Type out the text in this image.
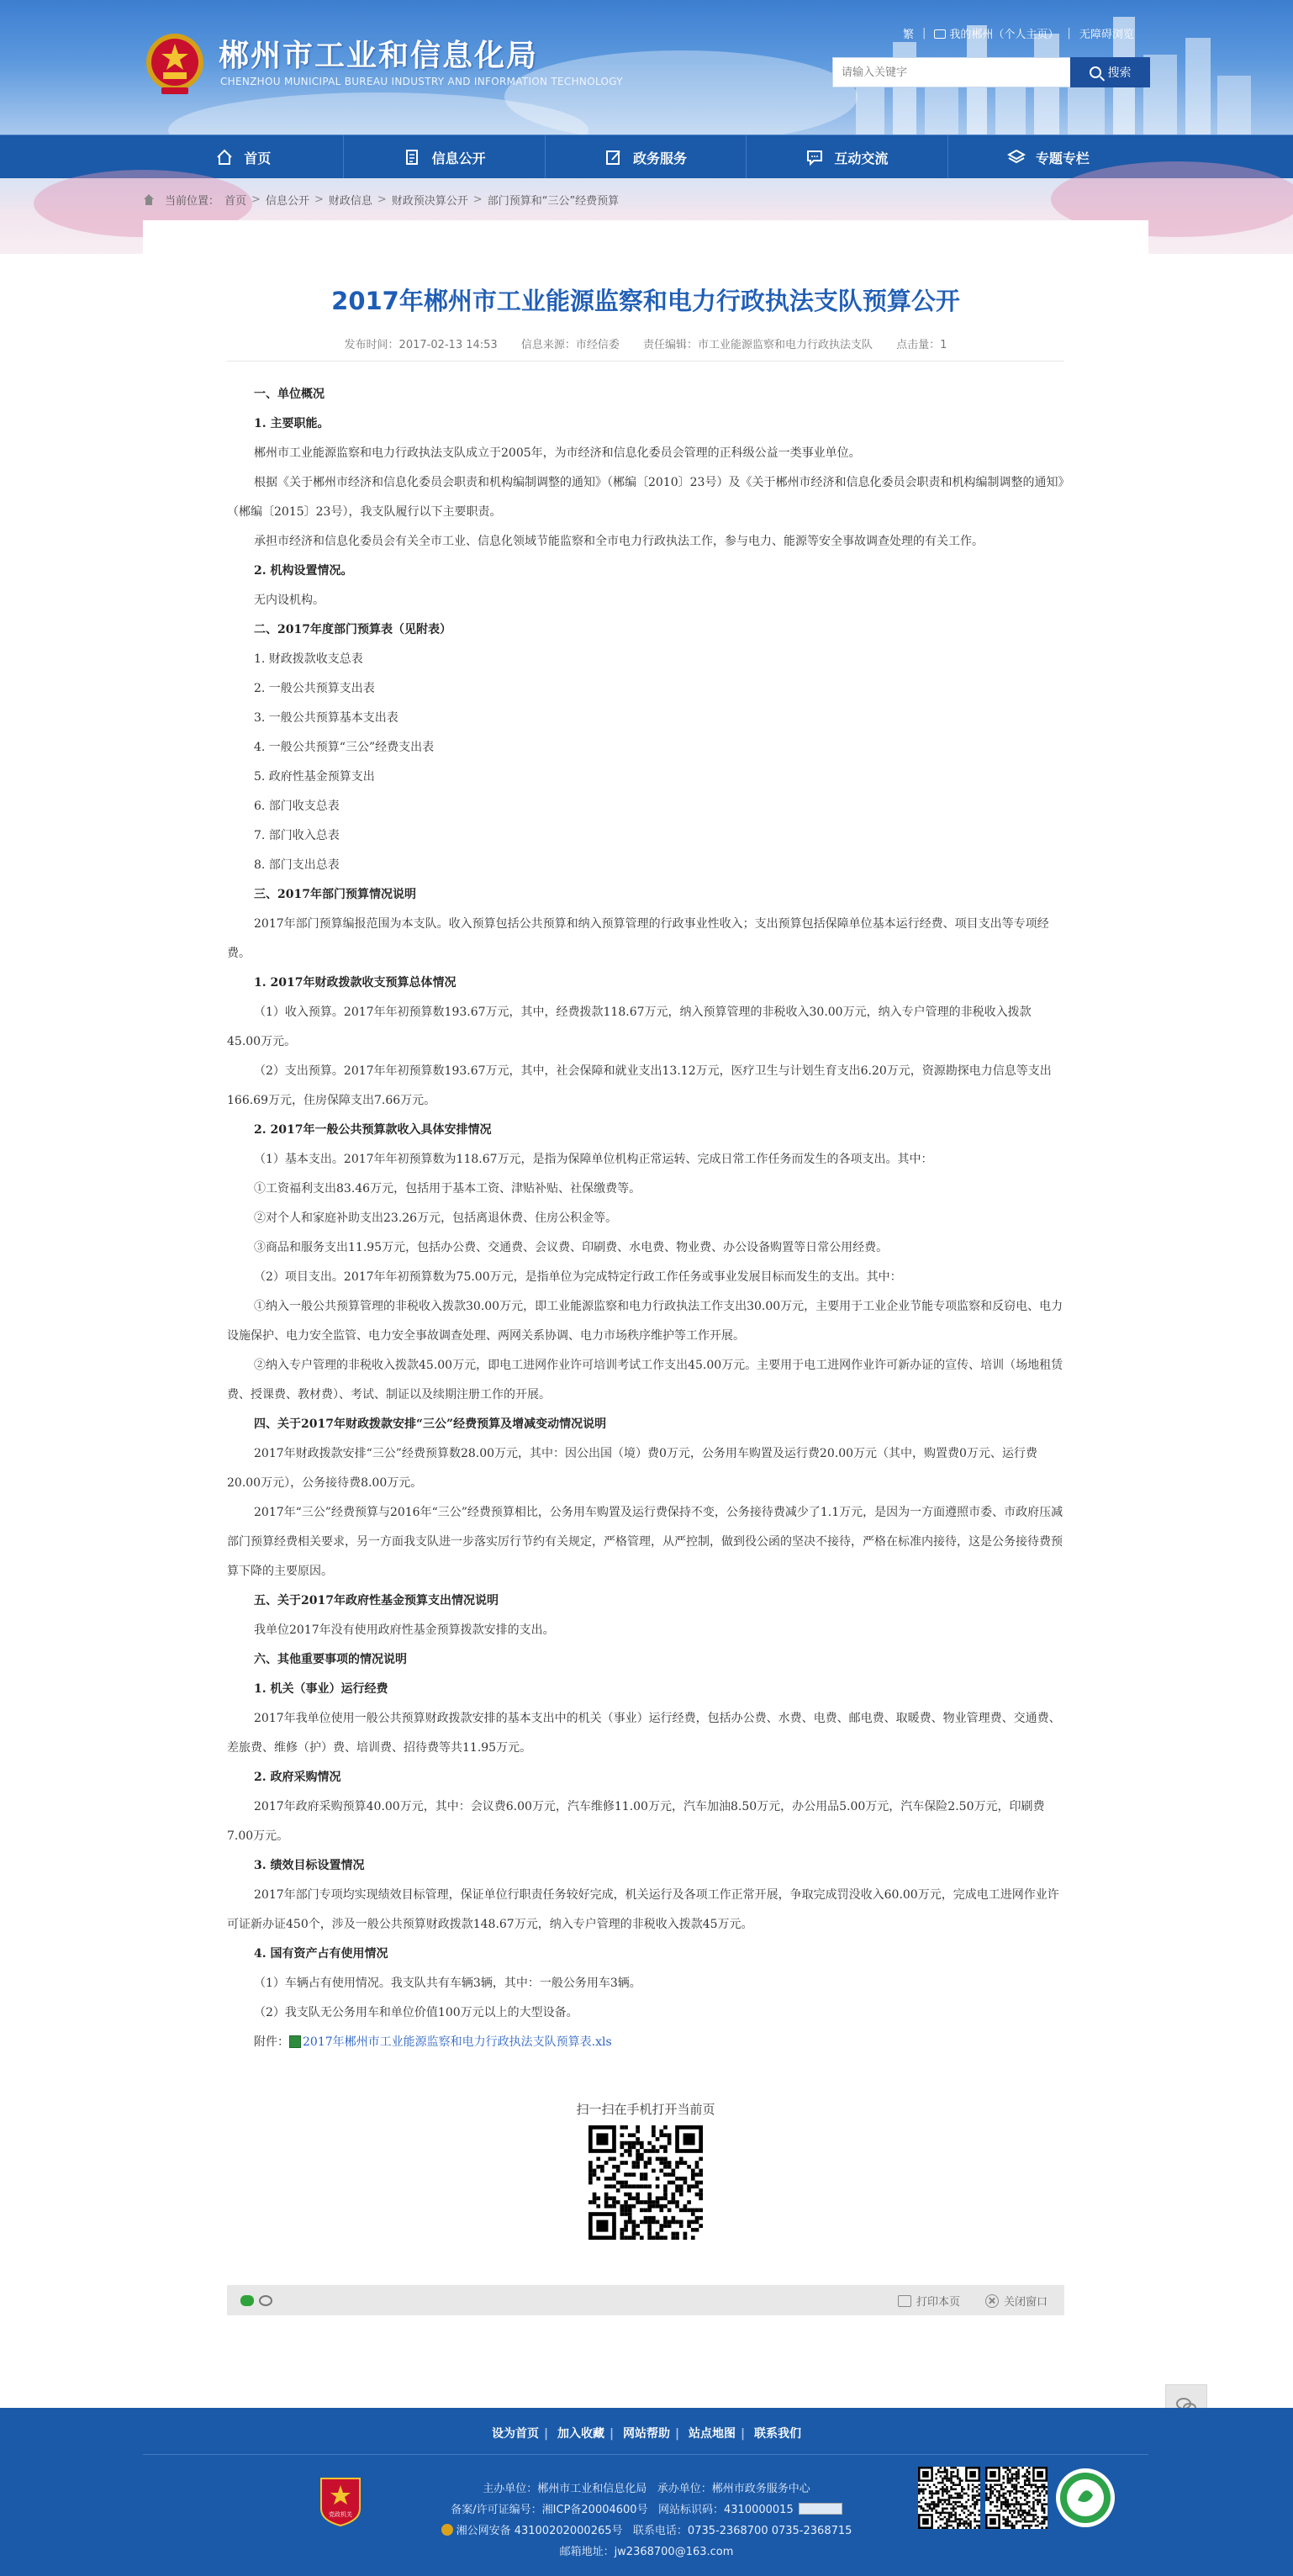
郴州市工业和信息化局
CHENZHOU MUNICIPAL BUREAU INDUSTRY AND INFORMATION TECHNOLOGY
繁 |	我的郴州（个人主页） | 无障碍浏览
请输入关键字
搜索
首页	信息公开	政务服务	互动交流	专题专栏
当前位置： 首页 > 信息公开 > 财政信息 > 财政预决算公开 > 部门预算和“三公”经费预算
2017年郴州市工业能源监察和电力行政执法支队预算公开
发布时间：2017-02-13 14:53 信息来源：市经信委 责任编辑：市工业能源监察和电力行政执法支队 点击量：1

一、单位概况

1. 主要职能。

郴州市工业能源监察和电力行政执法支队成立于2005年，为市经济和信息化委员会管理的正科级公益一类事业单位。

根据《关于郴州市经济和信息化委员会职责和机构编制调整的通知》（郴编〔2010〕23号）及《关于郴州市经济和信息化委员会职责和机构编制调整的通知》（郴编〔2015〕23号），我支队履行以下主要职责。

承担市经济和信息化委员会有关全市工业、信息化领域节能监察和全市电力行政执法工作，参与电力、能源等安全事故调查处理的有关工作。

2. 机构设置情况。

无内设机构。

二、2017年度部门预算表（见附表）

1. 财政拨款收支总表

2. 一般公共预算支出表

3. 一般公共预算基本支出表

4. 一般公共预算“三公”经费支出表

5. 政府性基金预算支出

6. 部门收支总表

7. 部门收入总表

8. 部门支出总表

三、2017年部门预算情况说明

2017年部门预算编报范围为本支队。收入预算包括公共预算和纳入预算管理的行政事业性收入；支出预算包括保障单位基本运行经费、项目支出等专项经费。

1. 2017年财政拨款收支预算总体情况

（1）收入预算。2017年年初预算数193.67万元，其中，经费拨款118.67万元，纳入预算管理的非税收入30.00万元，纳入专户管理的非税收入拨款45.00万元。

（2）支出预算。2017年年初预算数193.67万元，其中，社会保障和就业支出13.12万元，医疗卫生与计划生育支出6.20万元，资源勘探电力信息等支出166.69万元，住房保障支出7.66万元。

2. 2017年一般公共预算款收入具体安排情况

（1）基本支出。2017年年初预算数为118.67万元，是指为保障单位机构正常运转、完成日常工作任务而发生的各项支出。其中：

①工资福利支出83.46万元，包括用于基本工资、津贴补贴、社保缴费等。

②对个人和家庭补助支出23.26万元，包括离退休费、住房公积金等。

③商品和服务支出11.95万元，包括办公费、交通费、会议费、印刷费、水电费、物业费、办公设备购置等日常公用经费。

（2）项目支出。2017年年初预算数为75.00万元，是指单位为完成特定行政工作任务或事业发展目标而发生的支出。其中：

①纳入一般公共预算管理的非税收入拨款30.00万元，即工业能源监察和电力行政执法工作支出30.00万元，主要用于工业企业节能专项监察和反窃电、电力设施保护、电力安全监管、电力安全事故调查处理、两网关系协调、电力市场秩序维护等工作开展。

②纳入专户管理的非税收入拨款45.00万元，即电工进网作业许可培训考试工作支出45.00万元。主要用于电工进网作业许可新办证的宣传、培训（场地租赁费、授课费、教材费）、考试、制证以及续期注册工作的开展。

四、关于2017年财政拨款安排“三公”经费预算及增减变动情况说明

2017年财政拨款安排“三公”经费预算数28.00万元，其中：因公出国（境）费0万元，公务用车购置及运行费20.00万元（其中，购置费0万元、运行费20.00万元），公务接待费8.00万元。

2017年“三公”经费预算与2016年“三公”经费预算相比，公务用车购置及运行费保持不变，公务接待费减少了1.1万元，是因为一方面遵照市委、市政府压减部门预算经费相关要求，另一方面我支队进一步落实厉行节约有关规定，严格管理，从严控制，做到役公函的坚决不接待，严格在标准内接待，这是公务接待费预算下降的主要原因。

五、关于2017年政府性基金预算支出情况说明

我单位2017年没有使用政府性基金预算拨款安排的支出。

六、其他重要事项的情况说明

1. 机关（事业）运行经费

2017年我单位使用一般公共预算财政拨款安排的基本支出中的机关（事业）运行经费，包括办公费、水费、电费、邮电费、取暖费、物业管理费、交通费、差旅费、维修（护）费、培训费、招待费等共11.95万元。

2. 政府采购情况

2017年政府采购预算40.00万元，其中：会议费6.00万元，汽车维修11.00万元，汽车加油8.50万元，办公用品5.00万元，汽车保险2.50万元，印刷费7.00万元。

3. 绩效目标设置情况

2017年部门专项均实现绩效目标管理，保证单位行职责任务较好完成，机关运行及各项工作正常开展，争取完成罚没收入60.00万元，完成电工进网作业许可证新办证450个，涉及一般公共预算财政拨款148.67万元，纳入专户管理的非税收入拨款45万元。

4. 国有资产占有使用情况

（1）车辆占有使用情况。我支队共有车辆3辆，其中：一般公务用车3辆。

（2）我支队无公务用车和单位价值100万元以上的大型设备。

附件：x 2017年郴州市工业能源监察和电力行政执法支队预算表.xls

扫一扫在手机打开当前页
打印本页	关闭窗口
设为首页 | 加入收藏 | 网站帮助 | 站点地图 | 联系我们
党政机关
主办单位：郴州市工业和信息化局 承办单位：郴州市政务服务中心
备案/许可证编号：湘ICP备20004600号 网站标识码：4310000015
湘公网安备 43100202000265号 联系电话：0735-2368700 0735-2368715
邮箱地址：jw2368700@163.com
